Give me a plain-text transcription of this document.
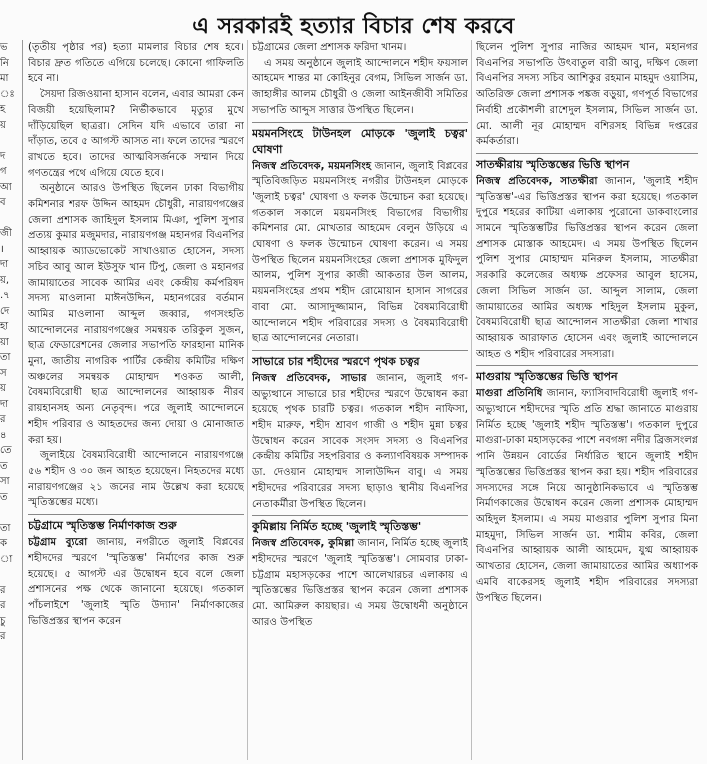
এ সরকারই হত্যার বিচার শেষ করবে
ভ
নি
মা
ঃ
হ
য়

দ
গ
আ
ব

জী
।
দা
য়,
.৭
দে
হা
য়া
তা
স
য়
দা
র
৪
তে
ত
সা
ত

তা
ক
া

র
র
চু
র

(তৃতীয় পৃষ্ঠার পর) হত্যা মামলার বিচার শেষ হবে। বিচার দ্রুত গতিতে এগিয়ে চলেছে। কোনো গাফিলতি হবে না।

সৈয়দা রিজওয়ানা হাসান বলেন, এবার আমরা কেন বিজয়ী হয়েছিলাম? নির্ভীকভাবে মৃত্যুর মুখে দাঁড়িয়েছিল ছাত্ররা। সেদিন যদি এভাবে তারা না দাঁড়াত, তবে ৫ আগস্ট আসত না। ফলে তাদের স্মরণে রাখতে হবে। তাদের আত্মবিসর্জনকে সম্মান দিয়ে গণতন্ত্রের পথে এগিয়ে যেতে হবে।

অনুষ্ঠানে আরও উপস্থিত ছিলেন ঢাকা বিভাগীয় কমিশনার শরফ উদ্দিন আহমদ চৌধুরী, নারায়ণগঞ্জের জেলা প্রশাসক জাহিদুল ইসলাম মিঞা, পুলিশ সুপার প্রত্যয় কুমার মজুমদার, নারায়ণগঞ্জ মহানগর বিএনপির আহ্বায়ক অ্যাডভোকেট সাখাওয়াত হোসেন, সদস্য সচিব আবু আল ইউসুফ খান টিপু, জেলা ও মহানগর জামায়াতের সাবেক আমির এবং কেন্দ্রীয় কর্মপরিষদ সদস্য মাওলানা মাঈনউদ্দিন, মহানগরের বর্তমান আমির মাওলানা আব্দুল জব্বার, গণসংহতি আন্দোলনের নারায়ণগঞ্জের সমন্বয়ক তরিকুল সুজন, ছাত্র ফেডারেশনের জেলার সভাপতি ফারহানা মানিক মুনা, জাতীয় নাগরিক পার্টির কেন্দ্রীয় কমিটির দক্ষিণ অঞ্চলের সমন্বয়ক মোহাম্মদ শওকত আলী, বৈষম্যবিরোধী ছাত্র আন্দোলনের আহ্বায়ক নীরব রায়হানসহ অন্য নেতৃবৃন্দ। পরে জুলাই আন্দোলনে শহীদ পরিবার ও আহতদের জন্য দোয়া ও মোনাজাত করা হয়।

জুলাইয়ে বৈষম্যবিরোধী আন্দোলনে নারায়ণগঞ্জে ৫৬ শহীদ ও ৩০ জন আহত হয়েছেন। নিহতদের মধ্যে নারায়ণগঞ্জের ২১ জনের নাম উল্লেখ করা হয়েছে স্মৃতিস্তম্ভের মধ্যে।

চট্টগ্রামে স্মৃতিস্তম্ভ নির্মাণকাজ শুরু

চট্টগ্রাম ব্যুরো জানায়, নগরীতে জুলাই বিপ্লবের শহীদদের স্মরণে 'স্মৃতিস্তম্ভ' নির্মাণের কাজ শুরু হয়েছে। ৫ আগস্ট এর উদ্বোধন হবে বলে জেলা প্রশাসনের পক্ষ থেকে জানানো হয়েছে। গতকাল পাঁচলাইশে 'জুলাই স্মৃতি উদ্যান' নির্মাণকাজের ভিত্তিপ্রস্তর স্থাপন করেন

চট্টগ্রামের জেলা প্রশাসক ফরিদা খানম।

এ সময় অনুষ্ঠানে জুলাই আন্দোলনে শহীদ ফয়সাল আহমেদ শান্তর মা কোহিনুর বেগম, সিভিল সার্জন ডা. জাহাঙ্গীর আলম চৌধুরী ও জেলা আইনজীবী সমিতির সভাপতি আব্দুস সাত্তার উপস্থিত ছিলেন।

ময়মনসিংহে টাউনহল মোড়কে 'জুলাই চত্বর' ঘোষণা

নিজস্ব প্রতিবেদক, ময়মনসিংহ জানান, জুলাই বিপ্লবের স্মৃতিবিজড়িত ময়মনসিংহ নগরীর টাউনহল মোড়কে 'জুলাই চত্বর' ঘোষণা ও ফলক উন্মোচন করা হয়েছে। গতকাল সকালে ময়মনসিংহ বিভাগের বিভাগীয় কমিশনার মো. মোখতার আহমেদ বেলুন উড়িয়ে এ ঘোষণা ও ফলক উন্মোচন ঘোষণা করেন। এ সময় উপস্থিত ছিলেন ময়মনসিংহের জেলা প্রশাসক মুফিদুল আলম, পুলিশ সুপার কাজী আকতার উল আলম, ময়মনসিংহের প্রথম শহীদ রোমোয়ান হাসান সাগরের বাবা মো. আসাদুজ্জামান, বিভিন্ন বৈষম্যবিরোধী আন্দোলনে শহীদ পরিবারের সদস্য ও বৈষম্যবিরোধী ছাত্র আন্দোলনের নেতারা।

সাভারে চার শহীদের স্মরণে পৃথক চত্বর

নিজস্ব প্রতিবেদক, সাভার জানান, জুলাই গণ-অভ্যুত্থানে সাভারে চার শহীদের স্মরণে উদ্বোধন করা হয়েছে পৃথক চারটি চত্বর। গতকাল শহীদ নাফিসা, শহীদ মারুফ, শহীদ শ্রাবণ গাজী ও শহীদ মুন্না চত্বর উদ্বোধন করেন সাবেক সংসদ সদস্য ও বিএনপির কেন্দ্রীয় কমিটির সহপরিবার ও কল্যাণবিষয়ক সম্পাদক ডা. দেওয়ান মোহাম্মদ সালাউদ্দিন বাবু। এ সময় শহীদদের পরিবারের সদস্য ছাড়াও স্থানীয় বিএনপির নেতাকর্মীরা উপস্থিত ছিলেন।

কুমিল্লায় নির্মিত হচ্ছে 'জুলাই স্মৃতিস্তম্ভ'

নিজস্ব প্রতিবেদক, কুমিল্লা জানান, নির্মিত হচ্ছে জুলাই শহীদদের স্মরণে 'জুলাই স্মৃতিস্তম্ভ'। সোমবার ঢাকা-চট্টগ্রাম মহাসড়কের পাশে আলেখারচর এলাকায় এ স্মৃতিস্তম্ভের ভিত্তিপ্রস্তর স্থাপন করেন জেলা প্রশাসক মো. আমিরুল কায়ছার। এ সময় উদ্বোধনী অনুষ্ঠানে আরও উপস্থিত

ছিলেন পুলিশ সুপার নাজির আহমদ খান, মহানগর বিএনপির সভাপতি উৎবাতুল বারী আবু, দক্ষিণ জেলা বিএনপির সদস্য সচিব আশিকুর রহমান মাহমুদ ওয়াসিম, অতিরিক্ত জেলা প্রশাসক পঙ্কজ বড়ুয়া, গণপূর্ত বিভাগের নির্বাহী প্রকৌশলী রাশেদুল ইসলাম, সিভিল সার্জন ডা. মো. আলী নূর মোহাম্মদ বশিরসহ বিভিন্ন দপ্তরের কর্মকর্তারা।

সাতক্ষীরায় স্মৃতিস্তম্ভের ভিত্তি স্থাপন

নিজস্ব প্রতিবেদক, সাতক্ষীরা জানান, 'জুলাই শহীদ স্মৃতিস্তম্ভ'-এর ভিত্তিপ্রস্তর স্থাপন করা হয়েছে। গতকাল দুপুরে শহরের কাটিয়া এলাকায় পুরোনো ডাকবাংলোর সামনে স্মৃতিস্তম্ভটির ভিত্তিপ্রস্তর স্থাপন করেন জেলা প্রশাসক মোস্তাক আহমেদ। এ সময় উপস্থিত ছিলেন পুলিশ সুপার মোহাম্মদ মনিরুল ইসলাম, সাতক্ষীরা সরকারি কলেজের অধ্যক্ষ প্রফেসর আবুল হাসেম, জেলা সিভিল সার্জন ডা. আব্দুল সালাম, জেলা জামায়াতের আমির অধ্যক্ষ শহিদুল ইসলাম মুকুল, বৈষম্যবিরোধী ছাত্র আন্দোলন সাতক্ষীরা জেলা শাখার আহ্বায়ক আরাফাত হোসেন এবং জুলাই আন্দোলনে আহত ও শহীদ পরিবারের সদস্যরা।

মাগুরায় স্মৃতিস্তম্ভের ভিত্তি স্থাপন

মাগুরা প্রতিনিধি জানান, ফ্যাসিবাদবিরোধী জুলাই গণ-অভ্যুত্থানে শহীদদের স্মৃতি প্রতি শ্রদ্ধা জানাতে মাগুরায় নির্মিত হচ্ছে 'জুলাই শহীদ স্মৃতিস্তম্ভ'। গতকাল দুপুরে মাগুরা-ঢাকা মহাসড়কের পাশে নবগঙ্গা নদীর ব্রিজসংলগ্ন পানি উন্নয়ন বোর্ডের নির্ধারিত স্থানে জুলাই শহীদ স্মৃতিস্তম্ভের ভিত্তিপ্রস্তর স্থাপন করা হয়। শহীদ পরিবারের সদস্যদের সঙ্গে নিয়ে আনুষ্ঠানিকভাবে এ স্মৃতিস্তম্ভ নির্মাণকাজের উদ্বোধন করেন জেলা প্রশাসক মোহাম্মদ অহিদুল ইসলাম। এ সময় মাগুরার পুলিশ সুপার মিনা মাহমুদা, সিভিল সার্জন ডা. শামীম কবির, জেলা বিএনপির আহ্বায়ক আলী আহমেদ, যুগ্ম আহ্বায়ক আখতার হোসেন, জেলা জামায়াতের আমির অধ্যাপক এমবি বাকেরসহ জুলাই শহীদ পরিবারের সদস্যরা উপস্থিত ছিলেন।
